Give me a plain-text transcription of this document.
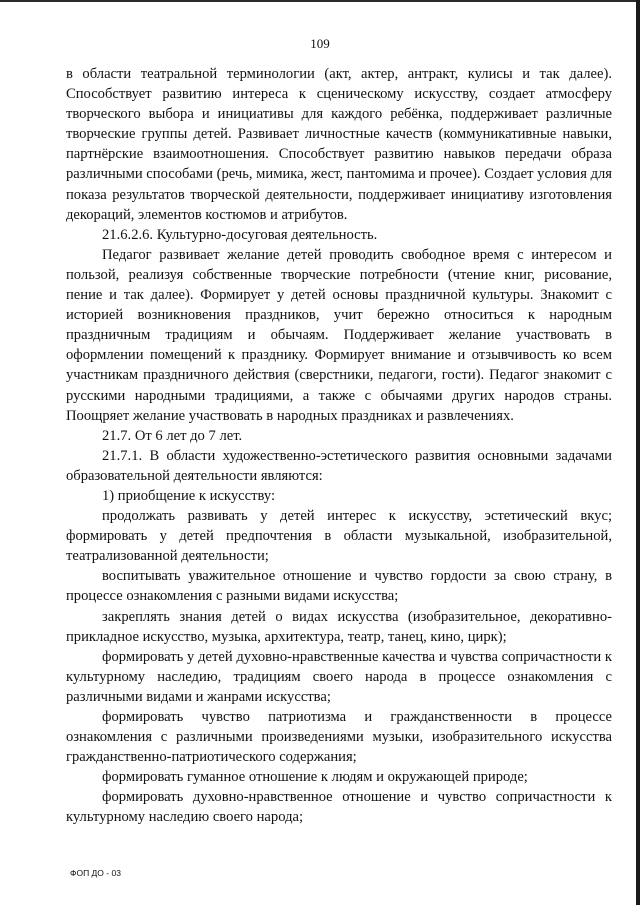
109

в области театральной терминологии (акт, актер, антракт, кулисы и так далее). Способствует развитию интереса к сценическому искусству, создает атмосферу творческого выбора и инициативы для каждого ребёнка, поддерживает различные творческие группы детей. Развивает личностные качеств (коммуникативные навыки, партнёрские взаимоотношения. Способствует развитию навыков передачи образа различными способами (речь, мимика, жест, пантомима и прочее). Создает условия для показа результатов творческой деятельности, поддерживает инициативу изготовления декораций, элементов костюмов и атрибутов.

21.6.2.6. Культурно-досуговая деятельность.

Педагог развивает желание детей проводить свободное время с интересом и пользой, реализуя собственные творческие потребности (чтение книг, рисование, пение и так далее). Формирует у детей основы праздничной культуры. Знакомит с историей возникновения праздников, учит бережно относиться к народным праздничным традициям и обычаям. Поддерживает желание участвовать в оформлении помещений к празднику. Формирует внимание и отзывчивость ко всем участникам праздничного действия (сверстники, педагоги, гости). Педагог знакомит с русскими народными традициями, а также с обычаями других народов страны. Поощряет желание участвовать в народных праздниках и развлечениях.

21.7. От 6 лет до 7 лет.

21.7.1. В области художественно-эстетического развития основными задачами образовательной деятельности являются:

1) приобщение к искусству:

продолжать развивать у детей интерес к искусству, эстетический вкус; формировать у детей предпочтения в области музыкальной, изобразительной, театрализованной деятельности;

воспитывать уважительное отношение и чувство гордости за свою страну, в процессе ознакомления с разными видами искусства;

закреплять знания детей о видах искусства (изобразительное, декоративно-прикладное искусство, музыка, архитектура, театр, танец, кино, цирк);

формировать у детей духовно-нравственные качества и чувства сопричастности к культурному наследию, традициям своего народа в процессе ознакомления с различными видами и жанрами искусства;

формировать чувство патриотизма и гражданственности в процессе ознакомления с различными произведениями музыки, изобразительного искусства гражданственно-патриотического содержания;

формировать гуманное отношение к людям и окружающей природе;

формировать духовно-нравственное отношение и чувство сопричастности к культурному наследию своего народа;

ФОП ДО - 03
